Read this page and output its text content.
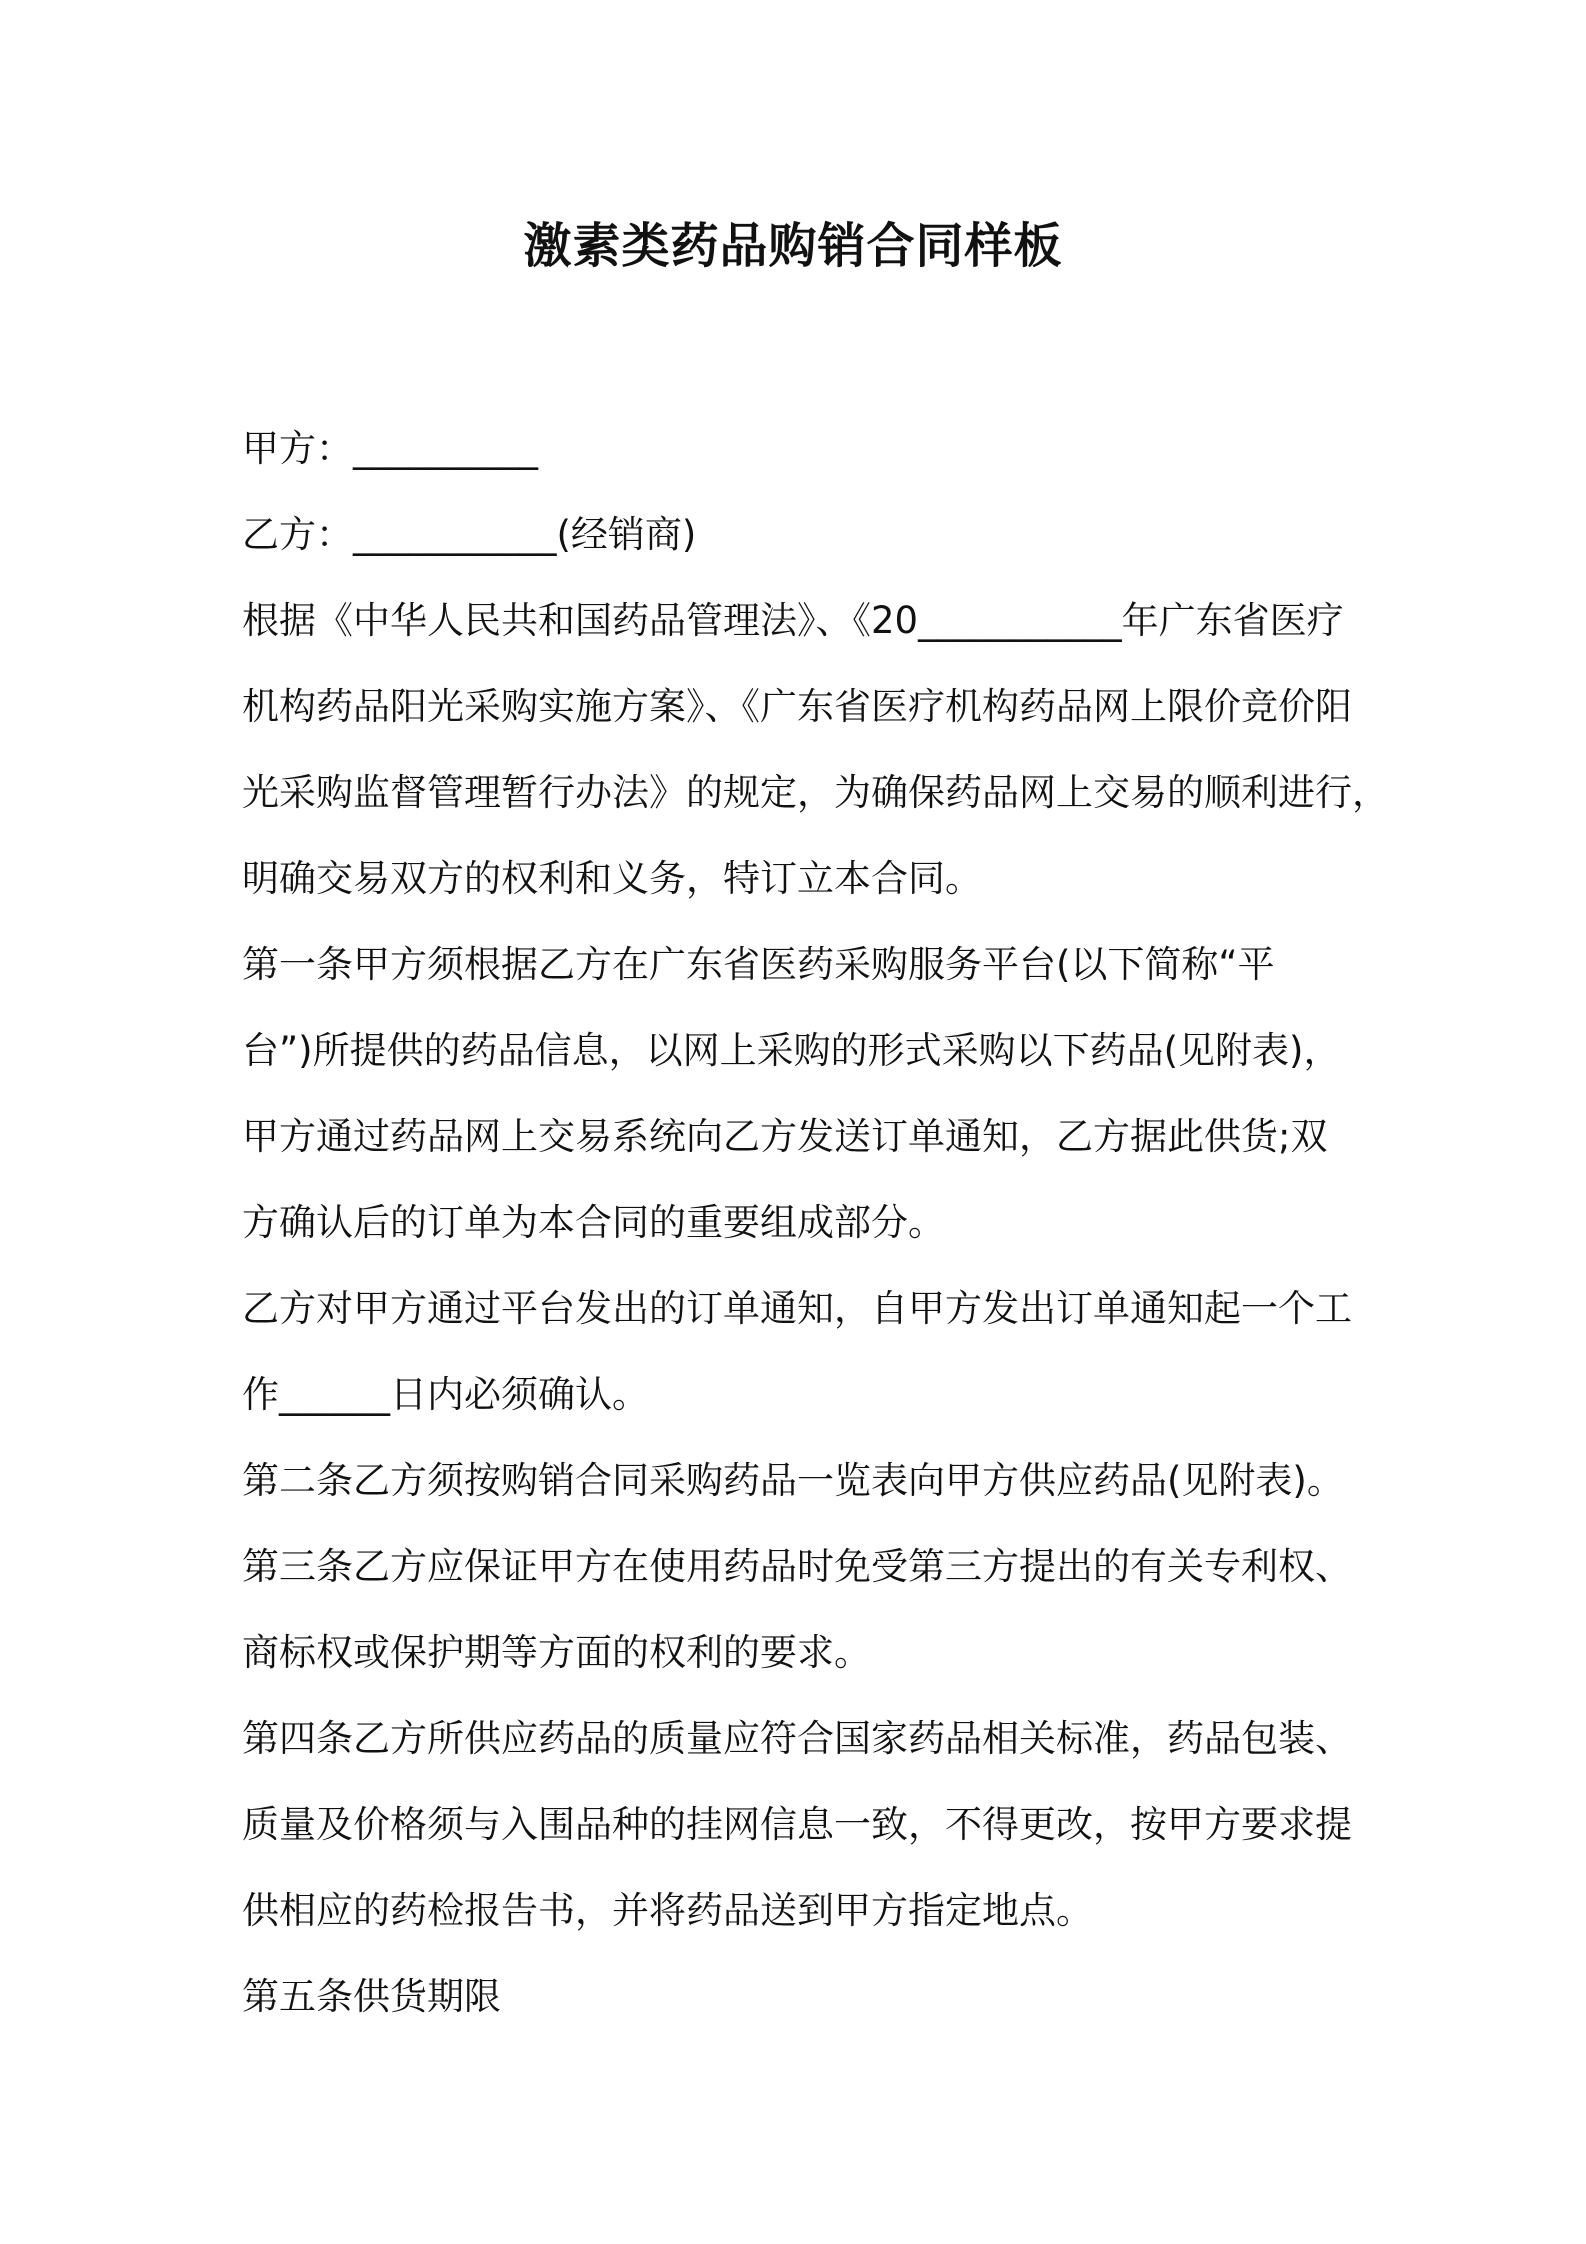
激素类药品购销合同样板
甲方：__________
乙方：___________(经销商)
根据《中华人民共和国药品管理法》、《20___________年广东省医疗
机构药品阳光采购实施方案》、《广东省医疗机构药品网上限价竞价阳
光采购监督管理暂行办法》的规定，为确保药品网上交易的顺利进行，
明确交易双方的权利和义务，特订立本合同。
第一条甲方须根据乙方在广东省医药采购服务平台(以下简称“平
台”)所提供的药品信息，以网上采购的形式采购以下药品(见附表)，
甲方通过药品网上交易系统向乙方发送订单通知，乙方据此供货;双
方确认后的订单为本合同的重要组成部分。
乙方对甲方通过平台发出的订单通知，自甲方发出订单通知起一个工
作______日内必须确认。
第二条乙方须按购销合同采购药品一览表向甲方供应药品(见附表)。
第三条乙方应保证甲方在使用药品时免受第三方提出的有关专利权、
商标权或保护期等方面的权利的要求。
第四条乙方所供应药品的质量应符合国家药品相关标准，药品包装、
质量及价格须与入围品种的挂网信息一致，不得更改，按甲方要求提
供相应的药检报告书，并将药品送到甲方指定地点。
第五条供货期限
